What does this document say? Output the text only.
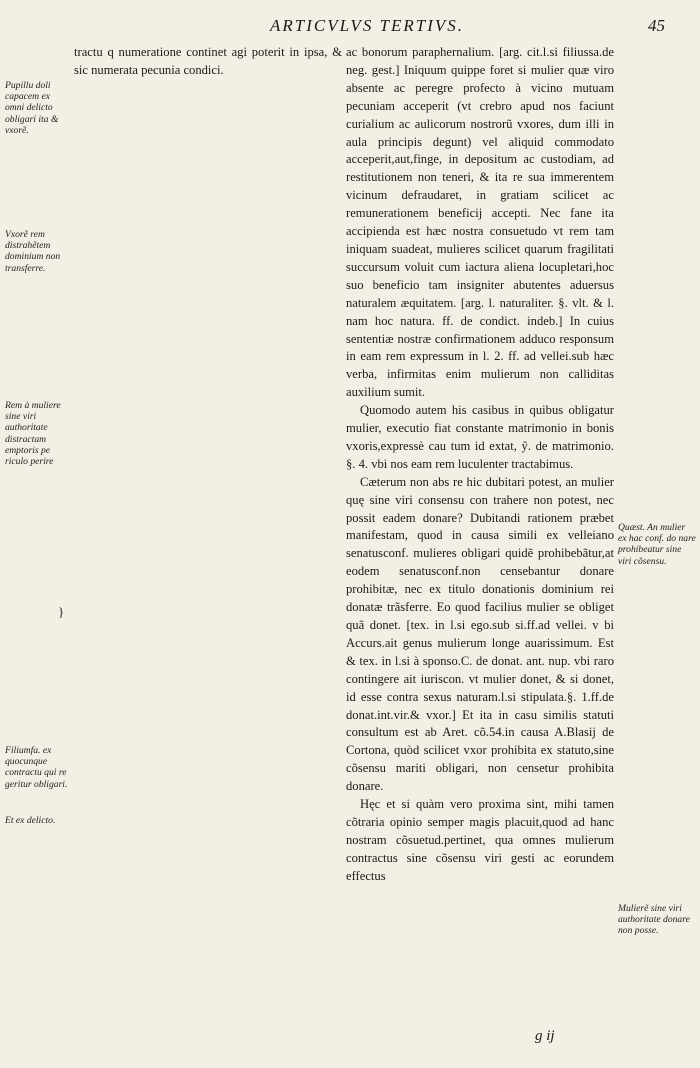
ARTICVLVS TERTIVS.	45

tractu q numeratione continet agi poterit in ipsa, & sic numerata pecunia condici.

ac bonorum paraphernalium. [arg. cit.l.si filiussa.de neg. gest.] Iniquum quippe foret si mulier quæ viro absente ac peregre profecto à vicino mutuam pecuniam acceperit (vt crebro apud nos faciunt curialium ac aulicorum nostrorũ vxores, dum illi in aula principis degunt) vel aliquid commodato acceperit,aut,finge, in depositum ac custodiam, ad restitutionem non teneri, & ita re sua immerentem vicinum defraudaret, in gratiam scilicet ac remunerationem beneficij accepti. Nec fane ita accipienda est hæc nostra consuetudo vt rem tam iniquam suadeat, mulieres scilicet quarum fragilitati succursum voluit cum iactura aliena locupletari,hoc suo beneficio tam insigniter abutentes aduersus naturalem æquitatem. [arg. l. naturaliter. §. vlt. & l. nam hoc natura. ff. de condict. indeb.] In cuius sententiæ nostræ confirmationem adduco responsum in eam rem expressum in l. 2. ff. ad vellei.sub hæc verba, infirmitas enim mulierum non calliditas auxilium sumit.

Quomodo autem his casibus in quibus obligatur mulier, executio fiat constante matrimonio in bonis vxoris,expressè cau tum id extat, ỹ. de matrimonio. §. 4. vbi nos eam rem luculenter tractabimus.

Cæterum non abs re hic dubitari potest, an mulier quę sine viri consensu con trahere non potest, nec possit eadem donare? Dubitandi rationem præbet manifestam, quod in causa simili ex velleiano senatusconf. mulieres obligari quidẽ prohibebãtur,at eodem senatusconf.non censebantur donare prohibitæ, nec ex titulo donationis dominium rei donatæ trãsferre. Eo quod facilius mulier se obliget quã donet. [tex. in l.si ego.sub si.ff.ad vellei. v bi Accurs.ait genus mulierum longe auarissimum. Est & tex. in l.si à sponso.C. de donat. ant. nup. vbi raro contingere ait iuriscon. vt mulier donet, & si donet, id esse contra sexus naturam.l.si stipulata.§. 1.ff.de donat.int.vir.& vxor.] Et ita in casu similis statuti consultum est ab Aret. cõ.54.in causa A.Blasij de Cortona, quòd scilicet vxor prohibita ex statuto,sine cõsensu mariti obligari, non censetur prohibita donare.

Hęc et si quàm vero proxima sint, mihi tamen cõtraria opinio semper magis placuit,quod ad hanc nostram cõsuetud.pertinet, qua omnes mulierum contractus sine cõsensu viri gesti ac eorundem effectus

Pupillu doli capacem ex omni delicto obligari ita & vxorẽ.
Vxorẽ rem distrahẽtem dominium non transferre.
Rem à muliere sine viri authoritate distractam emptoris pe riculo perire
Filiumfa. ex quocunque contractu qui re geritur obligari.
Et ex delicto.
Quæst. An mulier ex hac conf. do nare prohibeatur sine viri cõsensu.
Mulierẽ sine viri authoritate donare non posse.
}
g ij
